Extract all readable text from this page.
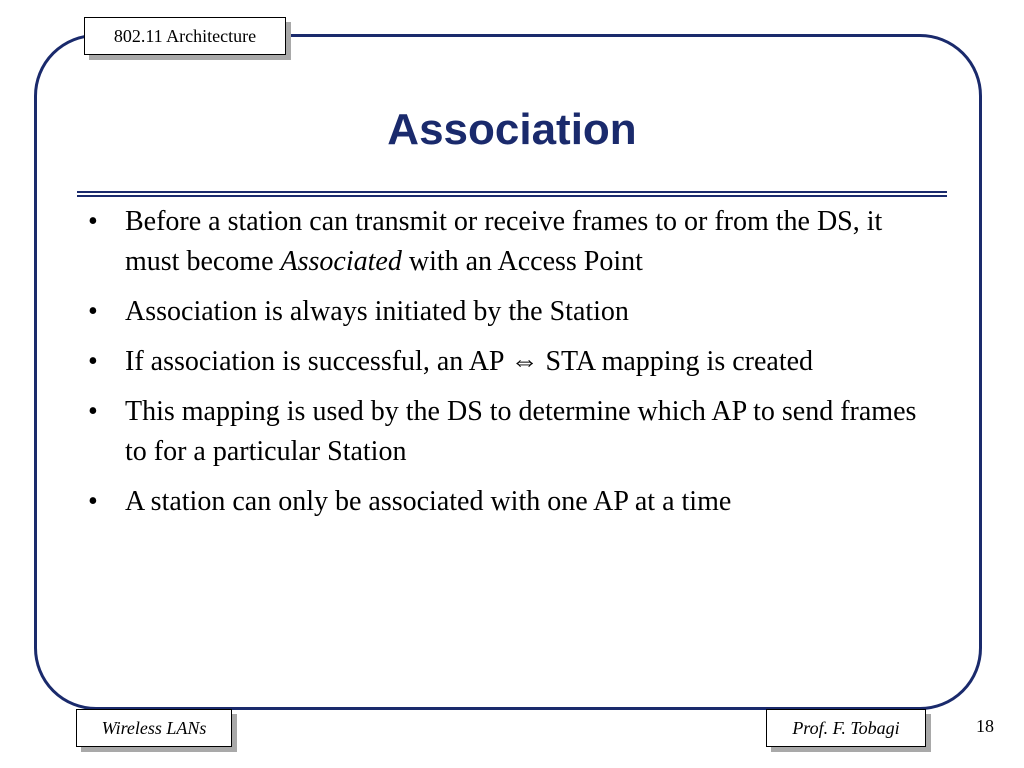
802.11 Architecture
Association
• Before a station can transmit or receive frames to or from the DS, it must become Associated with an Access Point
• Association is always initiated by the Station
• If association is successful, an AP ⇔ STA mapping is created
• This mapping is used by the DS to determine which AP to send frames to for a particular Station
• A station can only be associated with one AP at a time
Wireless LANs	Prof. F. Tobagi	18
